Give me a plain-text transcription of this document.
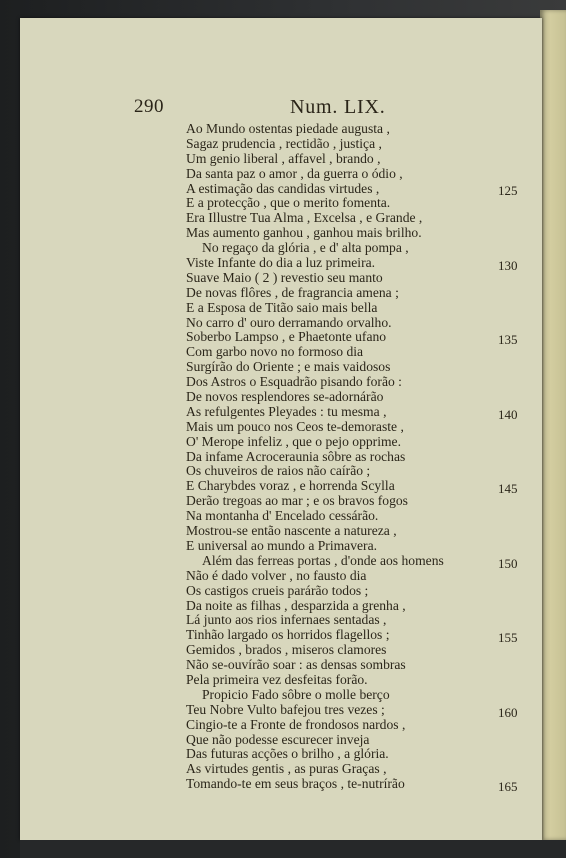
290	Num. LIX.
Ao Mundo ostentas piedade augusta ,
Sagaz prudencia , rectidão , justiça ,
Um genio liberal , affavel , brando ,
Da santa paz o amor , da guerra o ódio ,
A estimação das candidas virtudes ,
E a protecção , que o merito fomenta.
Era Illustre Tua Alma , Excelsa , e Grande ,
Mas aumento ganhou , ganhou mais brilho.
No regaço da glória , e d' alta pompa ,
Viste Infante do dia a luz primeira.
Suave Maio ( 2 ) revestio seu manto
De novas flôres , de fragrancia amena ;
E a Esposa de Titão saio mais bella
No carro d' ouro derramando orvalho.
Soberbo Lampso , e Phaetonte ufano
Com garbo novo no formoso dia
Surgírão do Oriente ; e mais vaidosos
Dos Astros o Esquadrão pisando forão :
De novos resplendores se-adornárão
As refulgentes Pleyades : tu mesma ,
Mais um pouco nos Ceos te-demoraste ,
O' Merope infeliz , que o pejo opprime.
Da infame Acroceraunia sôbre as rochas
Os chuveiros de raios não caírão ;
E Charybdes voraz , e horrenda Scylla
Derão tregoas ao mar ; e os bravos fogos
Na montanha d' Encelado cessárão.
Mostrou-se então nascente a natureza ,
E universal ao mundo a Primavera.
Além das ferreas portas , d'onde aos homens
Não é dado volver , no fausto dia
Os castigos crueis parárão todos ;
Da noite as filhas , desparzida a grenha ,
Lá junto aos rios infernaes sentadas ,
Tinhão largado os horridos flagellos ;
Gemidos , brados , miseros clamores
Não se-ouvírão soar : as densas sombras
Pela primeira vez desfeitas forão.
Propicio Fado sôbre o molle berço
Teu Nobre Vulto bafejou tres vezes ;
Cingio-te a Fronte de frondosos nardos ,
Que não podesse escurecer inveja
Das futuras acções o brilho , a glória.
As virtudes gentis , as puras Graças ,
Tomando-te em seus braços , te-nutrírão
125
130
135
140
145
150
155
160
165
